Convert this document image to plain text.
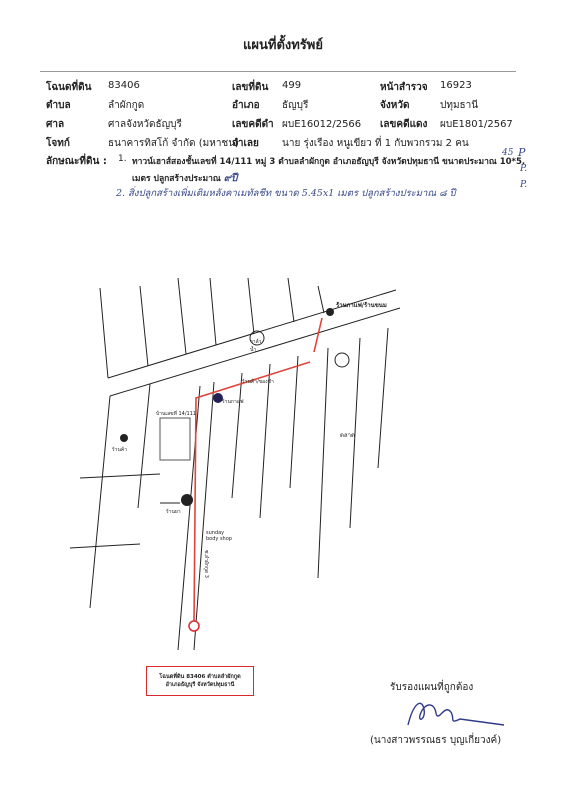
แผนที่ตั้งทรัพย์
โฉนดที่ดิน 83406	เลขที่ดิน 499	หน้าสำรวจ 16923
ตำบล	ลำผักกูด	อำเภอ ธัญบุรี	จังหวัด	ปทุมธานี
ศาล	ศาลจังหวัดธัญบุรี	เลขคดีดำ ผบE16012/2566 เลขคดีแดง ผบE1801/2567
โจทก์	ธนาคารทิสโก้ จำกัด (มหาชน)
จำเลย นาย รุ่งเรือง หนูเขียว ที่ 1 กับพวกรวม 2 คน
ลักษณะที่ดิน : 1. ทาวน์เฮาส์สองชั้นเลขที่ 14/111 หมู่ 3 ตำบลลำผักกูด อำเภอธัญบุรี จังหวัดปทุมธานี ขนาดประมาณ 10*5.
45 P
P.
เมตร ปลูกสร้างประมาณ ๙ปี
2. สิ่งปลูกสร้างเพิ่มเติมหลังคาเมทัลชีท ขนาด 5.45x1 เมตร ปลูกสร้างประมาณ ๘ ปี
P.
ร้านกาแฟ/ร้านขนม
วาล์ว
น้ำ
ร้านกาแฟ
ร้านค้า/ของชำ
บ้านเลขที่ 14/111
ร้านค้า
ตลาด
ร้านยา
sunday
body shop
ซ.ลำผักกูด 3
โฉนดที่ดิน 83406 ตำบลลำผักกูด
อำเภอธัญบุรี จังหวัดปทุมธานี	รับรองแผนที่ถูกต้อง
(นางสาวพรรณธร บุญเกี่ยวงค์)
